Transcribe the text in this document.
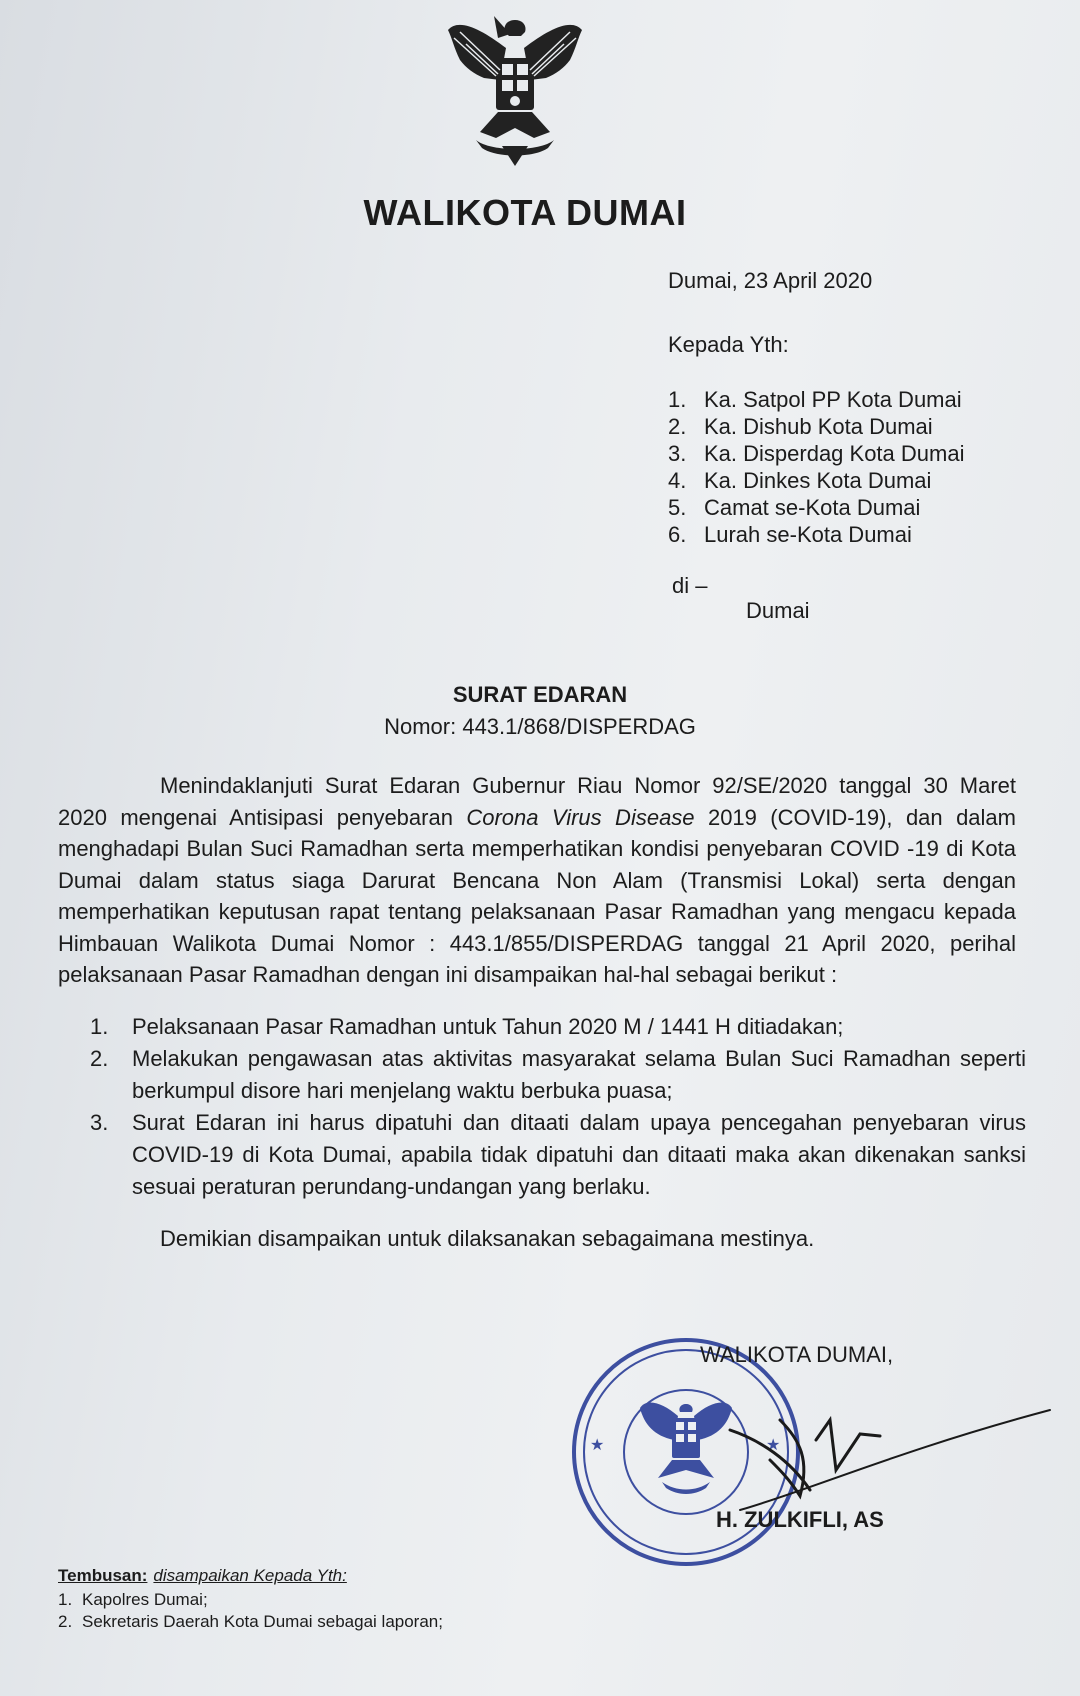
WALIKOTA DUMAI
Dumai, 23 April 2020
Kepada Yth:
1. Ka. Satpol PP Kota Dumai
2. Ka. Dishub Kota Dumai
3. Ka. Disperdag Kota Dumai
4. Ka. Dinkes Kota Dumai
5. Camat se-Kota Dumai
6. Lurah se-Kota Dumai
di –
Dumai
SURAT EDARAN
Nomor: 443.1/868/DISPERDAG

Menindaklanjuti Surat Edaran Gubernur Riau Nomor 92/SE/2020 tanggal 30 Maret 2020 mengenai Antisipasi penyebaran Corona Virus Disease 2019 (COVID-19), dan dalam menghadapi Bulan Suci Ramadhan serta memperhatikan kondisi penyebaran COVID -19 di Kota Dumai dalam status siaga Darurat Bencana Non Alam (Transmisi Lokal) serta dengan memperhatikan keputusan rapat tentang pelaksanaan Pasar Ramadhan yang mengacu kepada Himbauan Walikota Dumai Nomor : 443.1/855/DISPERDAG tanggal 21 April 2020, perihal pelaksanaan Pasar Ramadhan dengan ini disampaikan hal-hal sebagai berikut :

1.	Pelaksanaan Pasar Ramadhan untuk Tahun 2020 M / 1441 H ditiadakan;
2.	Melakukan pengawasan atas aktivitas masyarakat selama Bulan Suci Ramadhan seperti berkumpul disore hari menjelang waktu berbuka puasa;
3.	Surat Edaran ini harus dipatuhi dan ditaati dalam upaya pencegahan penyebaran virus COVID-19 di Kota Dumai, apabila tidak dipatuhi dan ditaati maka akan dikenakan sanksi sesuai peraturan perundang-undangan yang berlaku.
Demikian disampaikan untuk dilaksanakan sebagaimana mestinya.
★	★
WALIKOTA DUMAI,
H. ZULKIFLI, AS
Tembusan: disampaikan Kepada Yth:
1. Kapolres Dumai;
2. Sekretaris Daerah Kota Dumai sebagai laporan;
